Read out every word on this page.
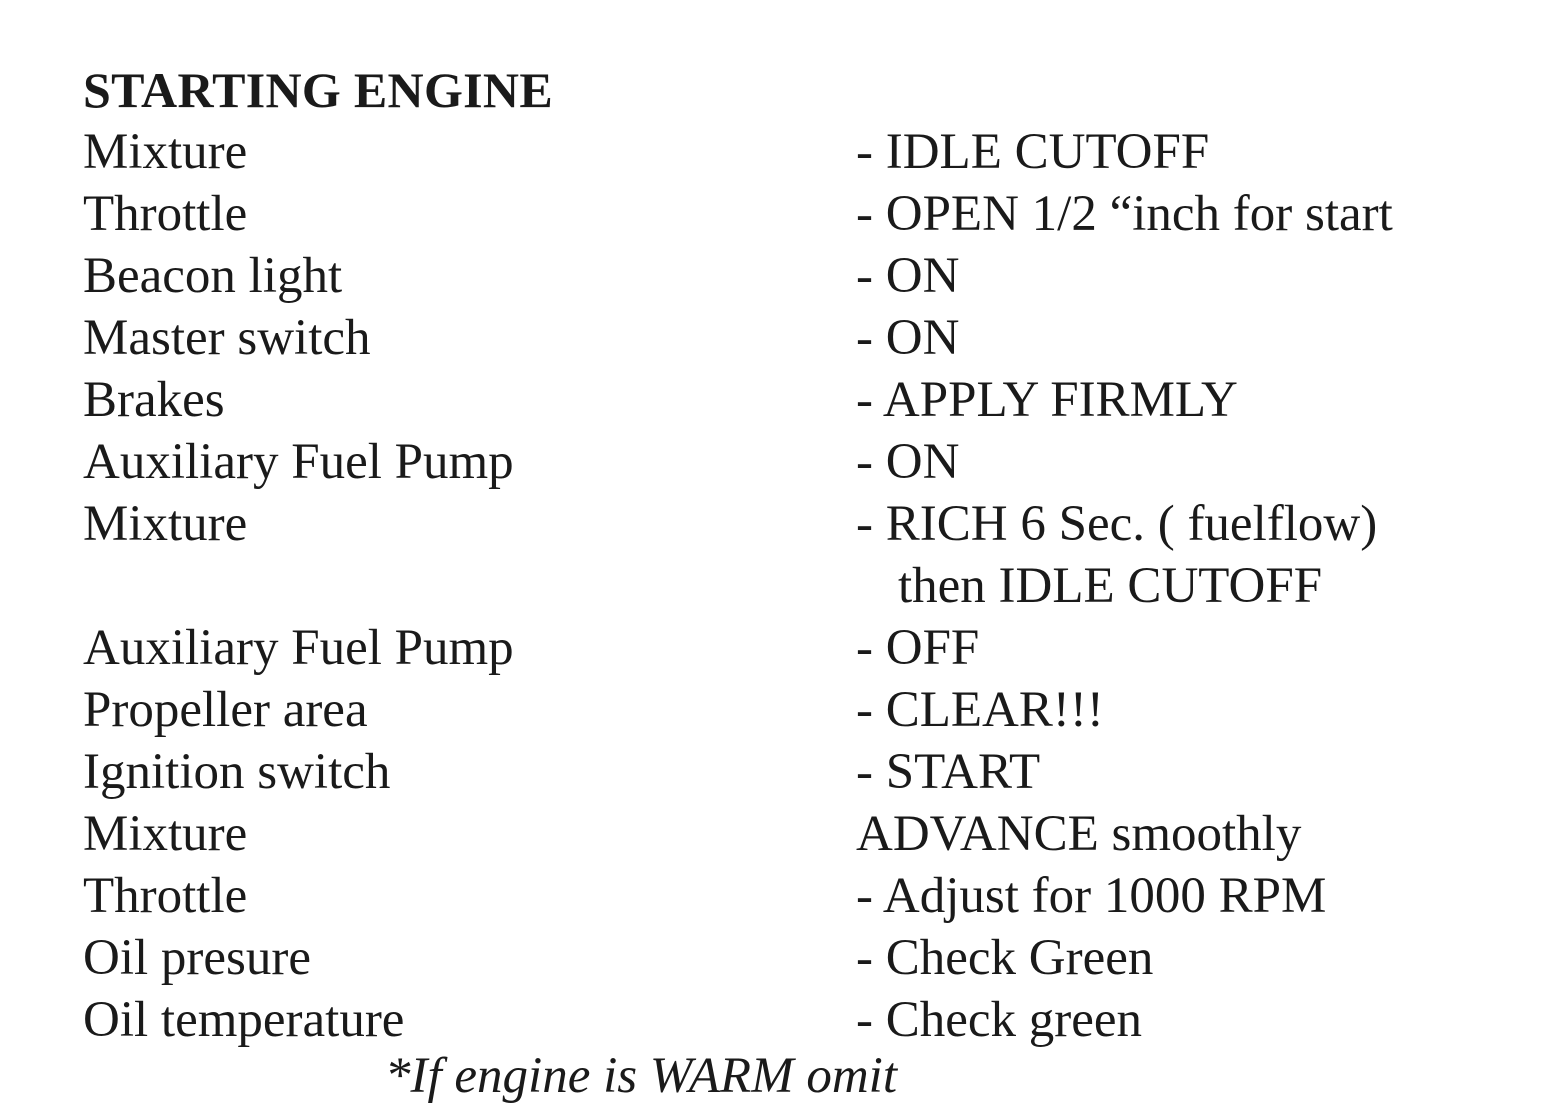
STARTING ENGINE
Mixture	- IDLE CUTOFF
Throttle	- OPEN 1/2 “inch for start
Beacon light	- ON
Master switch	- ON
Brakes	- APPLY FIRMLY
Auxiliary Fuel Pump	- ON
Mixture	- RICH 6 Sec. ( fuelflow)
then IDLE CUTOFF
Auxiliary Fuel Pump	- OFF
Propeller area	- CLEAR!!!
Ignition switch	- START
Mixture	ADVANCE smoothly
Throttle	- Adjust for 1000 RPM
Oil presure	- Check Green
Oil temperature	- Check green
*If engine is WARM omit
